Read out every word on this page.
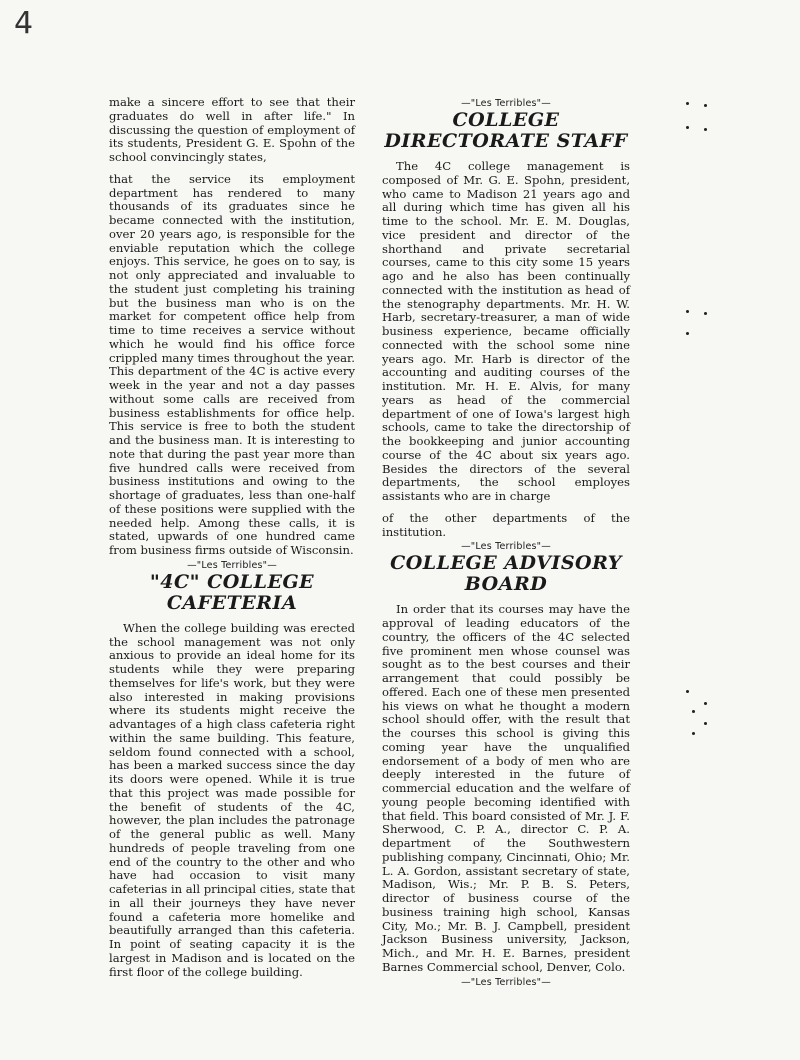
4

make a sincere effort to see that their graduates do well in after life." In discussing the question of employment of its students, President G. E. Spohn of the school convincingly states,

that the service its employment department has rendered to many thousands of its graduates since he became connected with the institution, over 20 years ago, is responsible for the enviable reputation which the college enjoys. This service, he goes on to say, is not only appreciated and invaluable to the student just completing his training but the business man who is on the market for competent office help from time to time receives a service without which he would find his office force crippled many times throughout the year. This department of the 4C is active every week in the year and not a day passes without some calls are received from business establishments for office help. This service is free to both the student and the business man. It is interesting to note that during the past year more than five hundred calls were received from business institutions and owing to the shortage of graduates, less than one-half of these positions were supplied with the needed help. Among these calls, it is stated, upwards of one hundred came from business firms outside of Wisconsin.

—"Les Terribles"—
"4C" COLLEGE CAFETERIA

When the college building was erected the school management was not only anxious to provide an ideal home for its students while they were preparing themselves for life's work, but they were also interested in making provisions where its students might receive the advantages of a high class cafeteria right within the same building. This feature, seldom found connected with a school, has been a marked success since the day its doors were opened. While it is true that this project was made possible for the benefit of students of the 4C, however, the plan includes the patronage of the general public as well. Many hundreds of people traveling from one end of the country to the other and who have had occasion to visit many cafeterias in all principal cities, state that in all their journeys they have never found a cafeteria more homelike and beautifully arranged than this cafeteria. In point of seating capacity it is the largest in Madison and is located on the first floor of the college building.

—"Les Terribles"—
COLLEGE DIRECTORATE STAFF

The 4C college management is composed of Mr. G. E. Spohn, president, who came to Madison 21 years ago and all during which time has given all his time to the school. Mr. E. M. Douglas, vice president and director of the shorthand and private secretarial courses, came to this city some 15 years ago and he also has been continually connected with the institution as head of the stenography departments. Mr. H. W. Harb, secretary-treasurer, a man of wide business experience, became officially connected with the school some nine years ago. Mr. Harb is director of the accounting and auditing courses of the institution. Mr. H. E. Alvis, for many years as head of the commercial department of one of Iowa's largest high schools, came to take the directorship of the bookkeeping and junior accounting course of the 4C about six years ago. Besides the directors of the several departments, the school employes assistants who are in charge

of the other departments of the institution.

—"Les Terribles"—
COLLEGE ADVISORY BOARD

In order that its courses may have the approval of leading educators of the country, the officers of the 4C selected five prominent men whose counsel was sought as to the best courses and their arrangement that could possibly be offered. Each one of these men presented his views on what he thought a modern school should offer, with the result that the courses this school is giving this coming year have the unqualified endorsement of a body of men who are deeply interested in the future of commercial education and the welfare of young people becoming identified with that field. This board consisted of Mr. J. F. Sherwood, C. P. A., director C. P. A. department of the Southwestern publishing company, Cincinnati, Ohio; Mr. L. A. Gordon, assistant secretary of state, Madison, Wis.; Mr. P. B. S. Peters, director of business course of the business training high school, Kansas City, Mo.; Mr. B. J. Campbell, president Jackson Business university, Jackson, Mich., and Mr. H. E. Barnes, president Barnes Commercial school, Denver, Colo.

—"Les Terribles"—
